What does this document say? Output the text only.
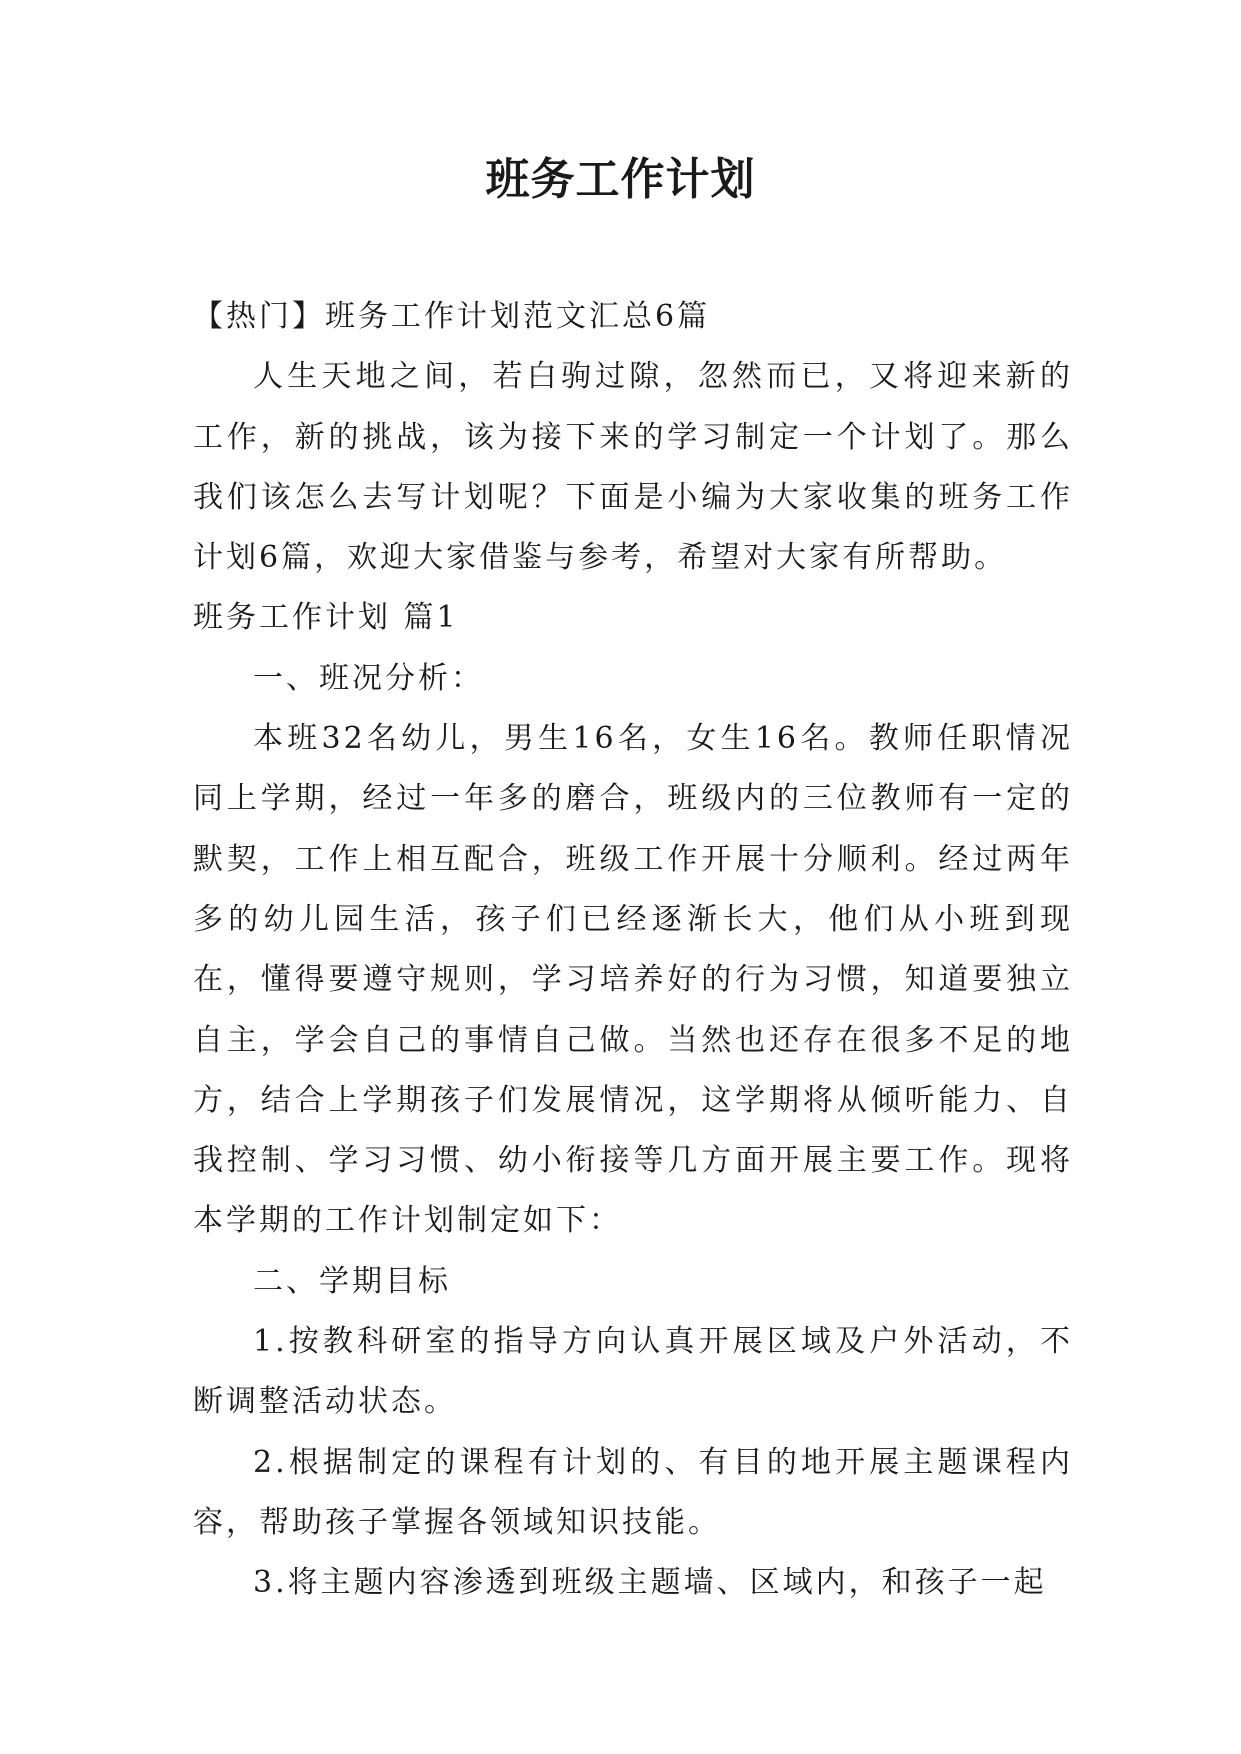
班务工作计划

【热门】班务工作计划范文汇总6篇

人生天地之间，若白驹过隙，忽然而已，又将迎来新的工作，新的挑战，该为接下来的学习制定一个计划了。那么我们该怎么去写计划呢？下面是小编为大家收集的班务工作计划6篇，欢迎大家借鉴与参考，希望对大家有所帮助。

班务工作计划 篇1

一、班况分析：

本班32名幼儿，男生16名，女生16名。教师任职情况同上学期，经过一年多的磨合，班级内的三位教师有一定的默契，工作上相互配合，班级工作开展十分顺利。经过两年多的幼儿园生活，孩子们已经逐渐长大，他们从小班到现在，懂得要遵守规则，学习培养好的行为习惯，知道要独立自主，学会自己的事情自己做。当然也还存在很多不足的地方，结合上学期孩子们发展情况，这学期将从倾听能力、自我控制、学习习惯、幼小衔接等几方面开展主要工作。现将本学期的工作计划制定如下：

二、学期目标

1.按教科研室的指导方向认真开展区域及户外活动，不断调整活动状态。

2.根据制定的课程有计划的、有目的地开展主题课程内容，帮助孩子掌握各领域知识技能。

3.将主题内容渗透到班级主题墙、区域内，和孩子一起
